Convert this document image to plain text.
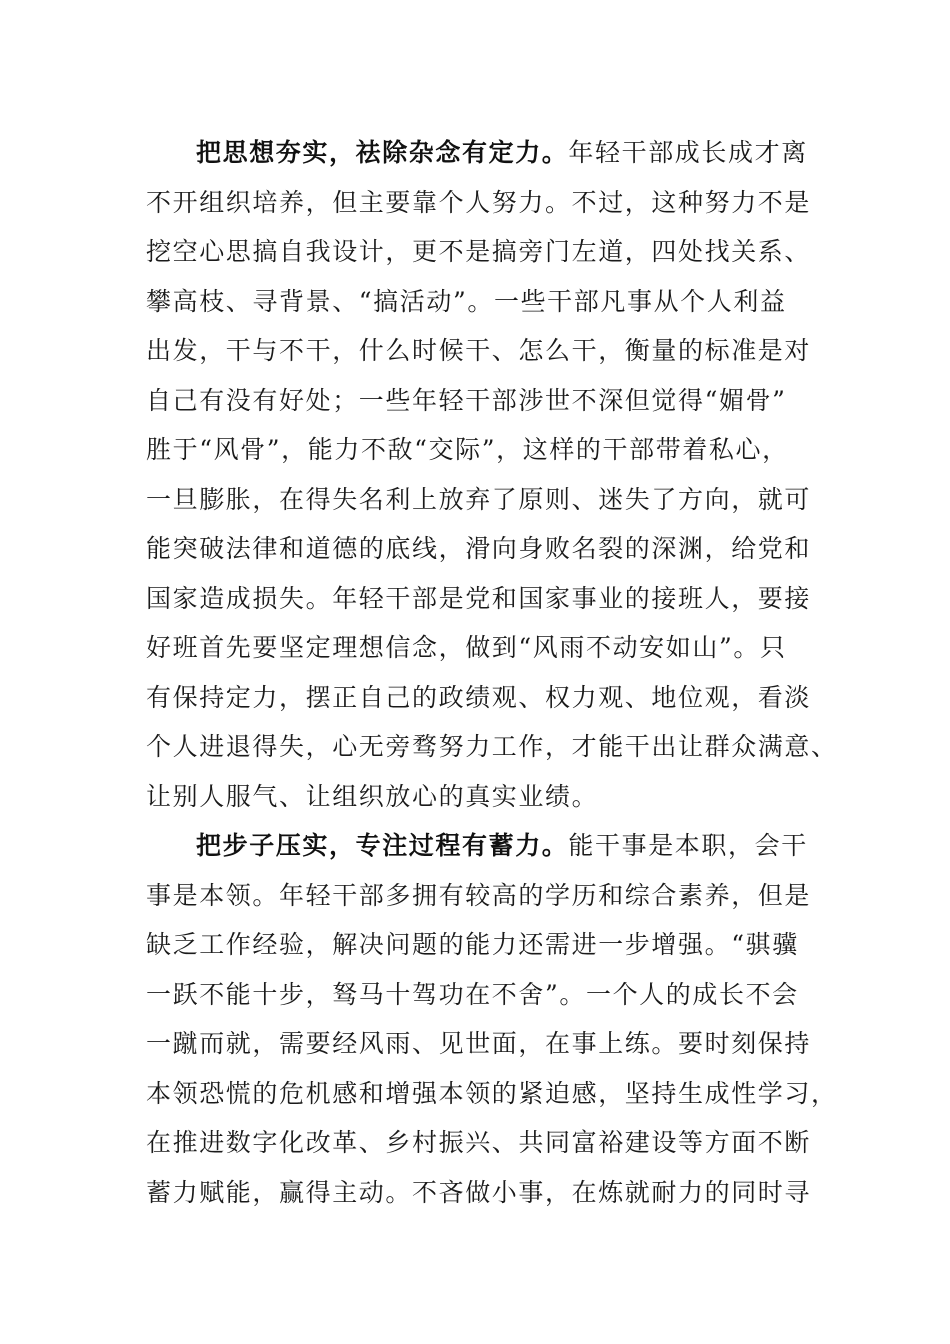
把思想夯实，祛除杂念有定力。年轻干部成长成才离
不开组织培养，但主要靠个人努力。不过，这种努力不是
挖空心思搞自我设计，更不是搞旁门左道，四处找关系、
攀高枝、寻背景、“搞活动”。一些干部凡事从个人利益
出发，干与不干，什么时候干、怎么干，衡量的标准是对
自己有没有好处；一些年轻干部涉世不深但觉得“媚骨”
胜于“风骨”，能力不敌“交际”，这样的干部带着私心，
一旦膨胀，在得失名利上放弃了原则、迷失了方向，就可
能突破法律和道德的底线，滑向身败名裂的深渊，给党和
国家造成损失。年轻干部是党和国家事业的接班人，要接
好班首先要坚定理想信念，做到“风雨不动安如山”。只
有保持定力，摆正自己的政绩观、权力观、地位观，看淡
个人进退得失，心无旁骛努力工作，才能干出让群众满意、
让别人服气、让组织放心的真实业绩。
把步子压实，专注过程有蓄力。能干事是本职，会干
事是本领。年轻干部多拥有较高的学历和综合素养，但是
缺乏工作经验，解决问题的能力还需进一步增强。“骐骥
一跃不能十步，驽马十驾功在不舍”。一个人的成长不会
一蹴而就，需要经风雨、见世面，在事上练。要时刻保持
本领恐慌的危机感和增强本领的紧迫感，坚持生成性学习，
在推进数字化改革、乡村振兴、共同富裕建设等方面不断
蓄力赋能，赢得主动。不吝做小事，在炼就耐力的同时寻
